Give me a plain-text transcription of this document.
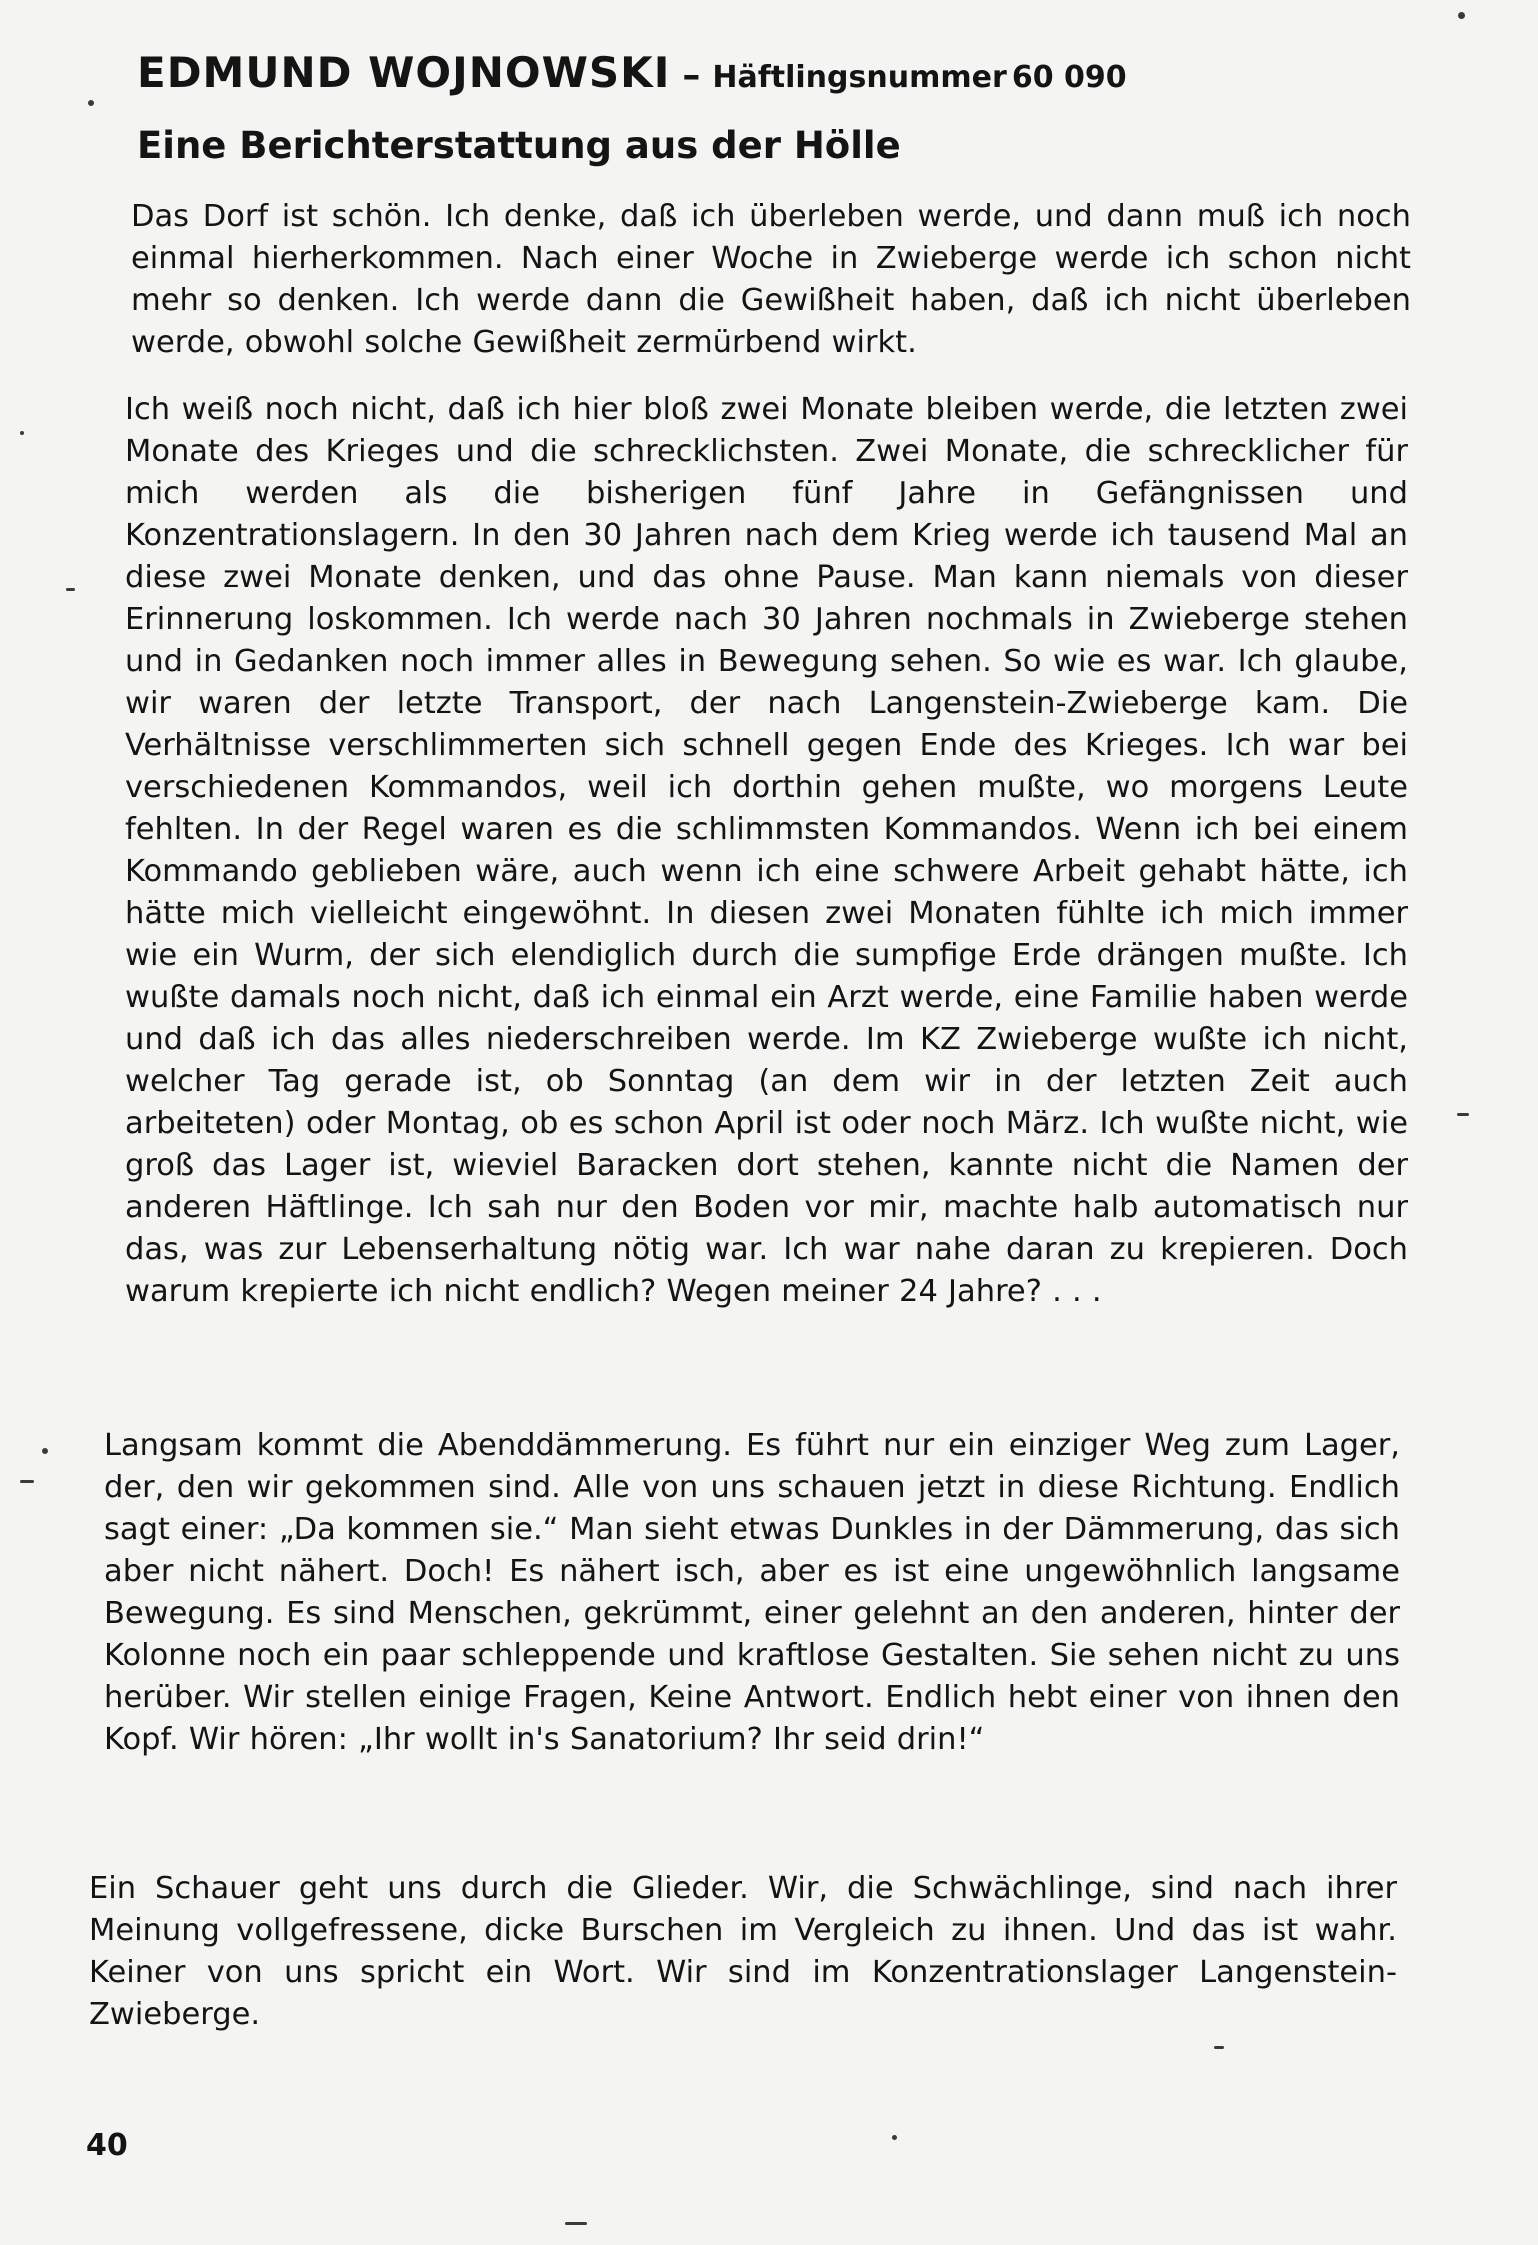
EDMUND WOJNOWSKI – Häftlingsnummer 60 090
Eine Berichterstattung aus der Hölle

Das Dorf ist schön. Ich denke, daß ich überleben werde, und dann muß ich noch einmal hierherkommen. Nach einer Woche in Zwieberge werde ich schon nicht mehr so denken. Ich werde dann die Gewißheit haben, daß ich nicht überleben werde, obwohl solche Gewißheit zermürbend wirkt.

Ich weiß noch nicht, daß ich hier bloß zwei Monate bleiben werde, die letzten zwei Monate des Krieges und die schrecklichsten. Zwei Monate, die schrecklicher für mich werden als die bisherigen fünf Jahre in Gefängnissen und Konzentrationslagern. In den 30 Jahren nach dem Krieg werde ich tausend Mal an diese zwei Monate denken, und das ohne Pause. Man kann niemals von dieser Erinnerung loskommen. Ich werde nach 30 Jahren nochmals in Zwieberge stehen und in Gedanken noch immer alles in Bewegung sehen. So wie es war. Ich glaube, wir waren der letzte Transport, der nach Langenstein-Zwieberge kam. Die Verhältnisse verschlimmerten sich schnell gegen Ende des Krieges. Ich war bei verschiedenen Kommandos, weil ich dorthin gehen mußte, wo morgens Leute fehlten. In der Regel waren es die schlimmsten Kommandos. Wenn ich bei einem Kommando geblieben wäre, auch wenn ich eine schwere Arbeit gehabt hätte, ich hätte mich vielleicht eingewöhnt. In diesen zwei Monaten fühlte ich mich immer wie ein Wurm, der sich elendiglich durch die sumpfige Erde drängen mußte. Ich wußte damals noch nicht, daß ich einmal ein Arzt werde, eine Familie haben werde und daß ich das alles niederschreiben werde. Im KZ Zwieberge wußte ich nicht, welcher Tag gerade ist, ob Sonntag (an dem wir in der letzten Zeit auch arbeiteten) oder Montag, ob es schon April ist oder noch März. Ich wußte nicht, wie groß das Lager ist, wieviel Baracken dort stehen, kannte nicht die Namen der anderen Häftlinge. Ich sah nur den Boden vor mir, machte halb automatisch nur das, was zur Lebenserhaltung nötig war. Ich war nahe daran zu krepieren. Doch warum krepierte ich nicht endlich? Wegen meiner 24 Jahre? . . .

Langsam kommt die Abenddämmerung. Es führt nur ein einziger Weg zum Lager, der, den wir gekommen sind. Alle von uns schauen jetzt in diese Richtung. Endlich sagt einer: „Da kommen sie.“ Man sieht etwas Dunkles in der Dämmerung, das sich aber nicht nähert. Doch! Es nähert isch, aber es ist eine ungewöhnlich langsame Bewegung. Es sind Menschen, gekrümmt, einer gelehnt an den anderen, hinter der Kolonne noch ein paar schleppende und kraftlose Gestalten. Sie sehen nicht zu uns herüber. Wir stellen einige Fragen, Keine Antwort. Endlich hebt einer von ihnen den Kopf. Wir hören: „Ihr wollt in's Sanatorium? Ihr seid drin!“

Ein Schauer geht uns durch die Glieder. Wir, die Schwächlinge, sind nach ihrer Meinung vollgefressene, dicke Burschen im Vergleich zu ihnen. Und das ist wahr. Keiner von uns spricht ein Wort. Wir sind im Konzentrationslager Langenstein-Zwieberge.

40
